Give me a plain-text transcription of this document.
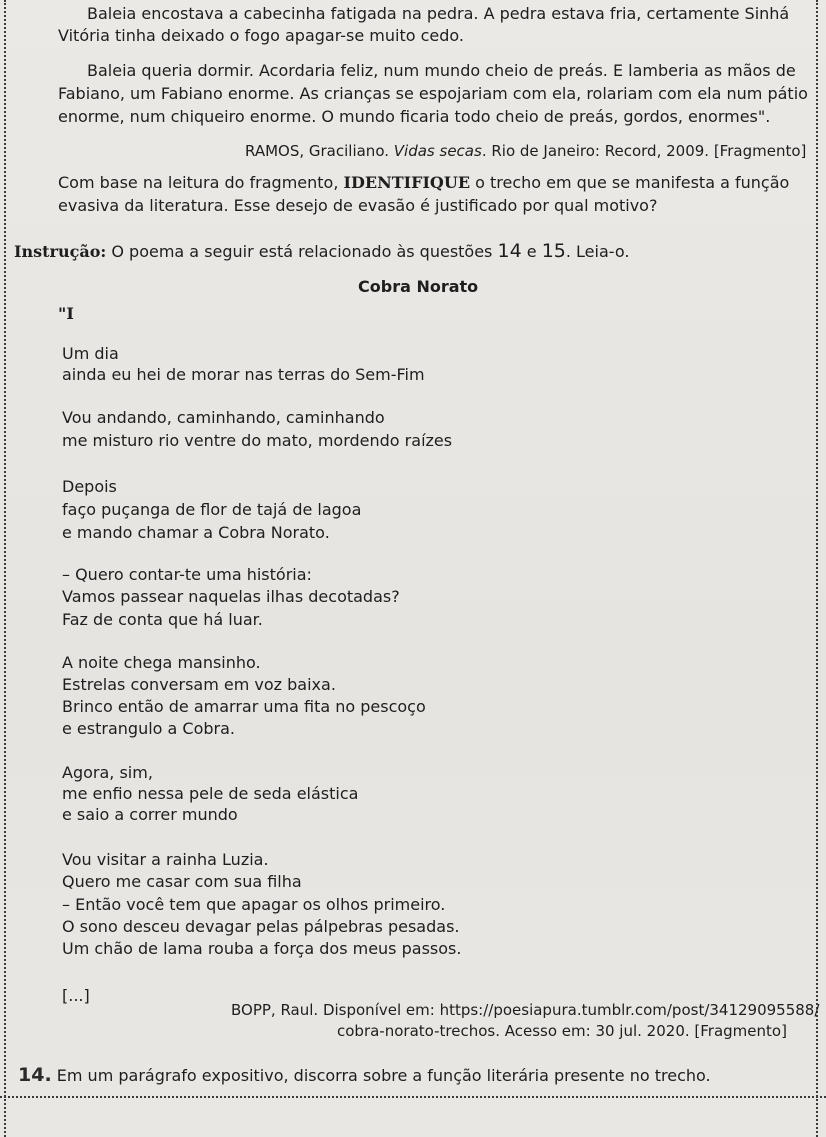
Baleia encostava a cabecinha fatigada na pedra. A pedra estava fria, certamente Sinhá
Vitória tinha deixado o fogo apagar-se muito cedo.
Baleia queria dormir. Acordaria feliz, num mundo cheio de preás. E lamberia as mãos de
Fabiano, um Fabiano enorme. As crianças se espojariam com ela, rolariam com ela num pátio
enorme, num chiqueiro enorme. O mundo ficaria todo cheio de preás, gordos, enormes".
RAMOS, Graciliano. Vidas secas. Rio de Janeiro: Record, 2009. [Fragmento]
Com base na leitura do fragmento, IDENTIFIQUE o trecho em que se manifesta a função
evasiva da literatura. Esse desejo de evasão é justificado por qual motivo?
Instrução: O poema a seguir está relacionado às questões 14 e 15. Leia-o.
Cobra Norato
"I
Um dia
ainda eu hei de morar nas terras do Sem-Fim
Vou andando, caminhando, caminhando
me misturo rio ventre do mato, mordendo raízes
Depois
faço puçanga de flor de tajá de lagoa
e mando chamar a Cobra Norato.
– Quero contar-te uma história:
Vamos passear naquelas ilhas decotadas?
Faz de conta que há luar.
A noite chega mansinho.
Estrelas conversam em voz baixa.
Brinco então de amarrar uma fita no pescoço
e estrangulo a Cobra.
Agora, sim,
me enfio nessa pele de seda elástica
e saio a correr mundo
Vou visitar a rainha Luzia.
Quero me casar com sua filha
– Então você tem que apagar os olhos primeiro.
O sono desceu devagar pelas pálpebras pesadas.
Um chão de lama rouba a força dos meus passos.
[...]
BOPP, Raul. Disponível em: https://poesiapura.tumblr.com/post/34129095588/
cobra-norato-trechos. Acesso em: 30 jul. 2020. [Fragmento]
14. Em um parágrafo expositivo, discorra sobre a função literária presente no trecho.
